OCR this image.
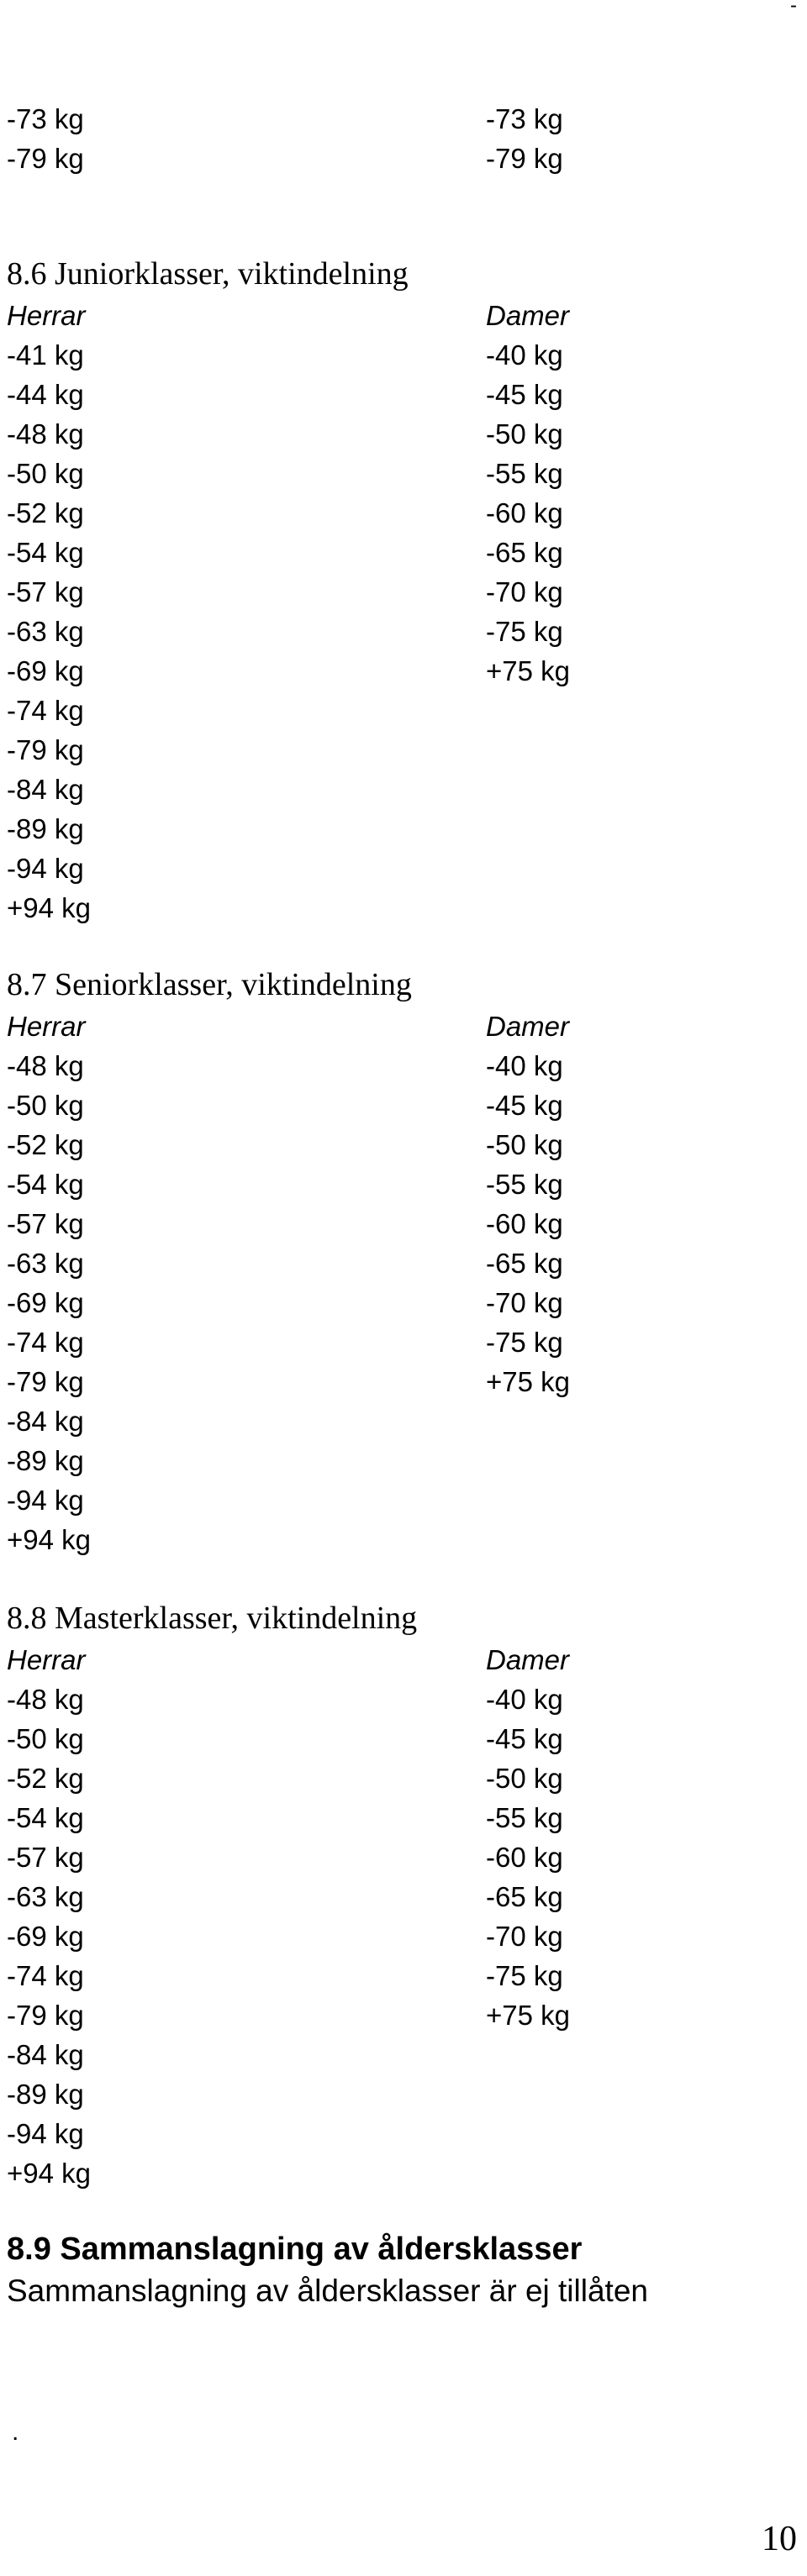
-
-73 kg	-73 kg
-79 kg	-79 kg
8.6 Juniorklasser, viktindelning
Herrar	Damer
-41 kg	-40 kg
-44 kg	-45 kg
-48 kg	-50 kg
-50 kg	-55 kg
-52 kg	-60 kg
-54 kg	-65 kg
-57 kg	-70 kg
-63 kg	-75 kg
-69 kg	+75 kg
-74 kg
-79 kg
-84 kg
-89 kg
-94 kg
+94 kg
8.7 Seniorklasser, viktindelning
Herrar	Damer
-48 kg	-40 kg
-50 kg	-45 kg
-52 kg	-50 kg
-54 kg	-55 kg
-57 kg	-60 kg
-63 kg	-65 kg
-69 kg	-70 kg
-74 kg	-75 kg
-79 kg	+75 kg
-84 kg
-89 kg
-94 kg
+94 kg
8.8 Masterklasser, viktindelning
Herrar	Damer
-48 kg	-40 kg
-50 kg	-45 kg
-52 kg	-50 kg
-54 kg	-55 kg
-57 kg	-60 kg
-63 kg	-65 kg
-69 kg	-70 kg
-74 kg	-75 kg
-79 kg	+75 kg
-84 kg
-89 kg
-94 kg
+94 kg
8.9 Sammanslagning av åldersklasser
Sammanslagning av åldersklasser är ej tillåten
.
10
